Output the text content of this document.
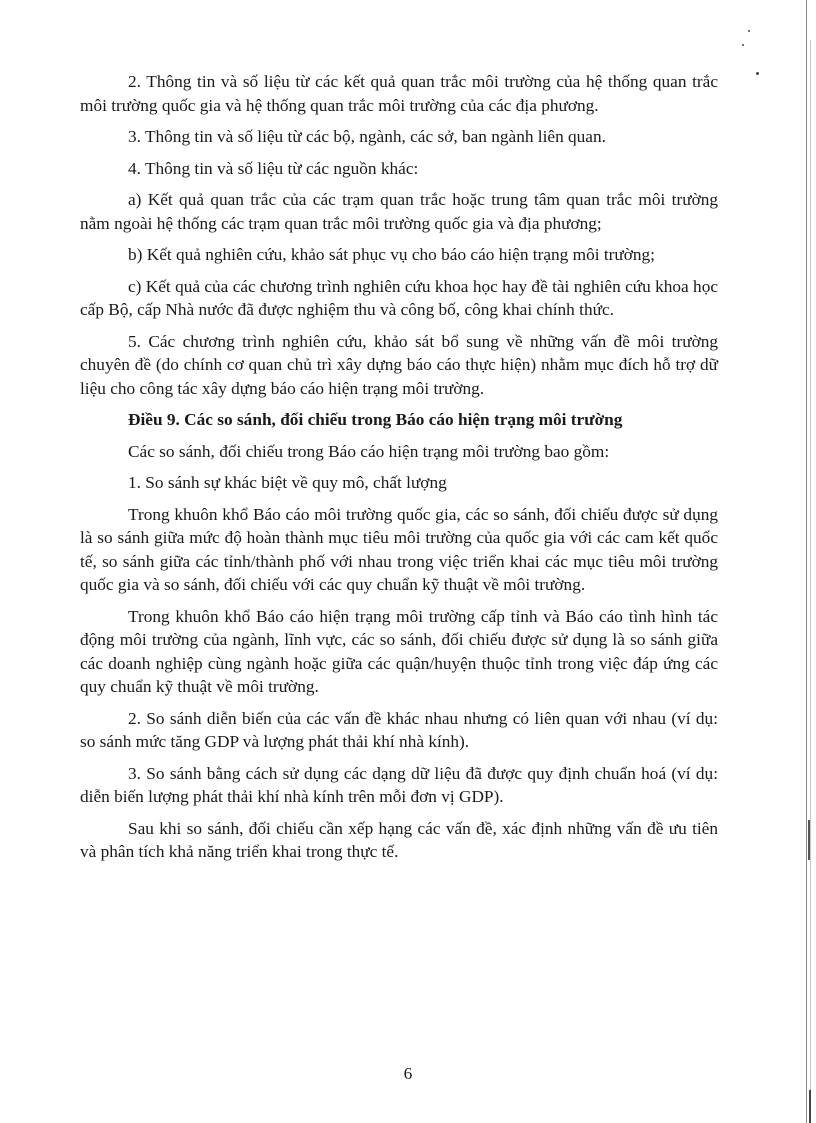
2. Thông tin và số liệu từ các kết quả quan trắc môi trường của hệ thống quan trắc môi trường quốc gia và hệ thống quan trắc môi trường của các địa phương.

3. Thông tin và số liệu từ các bộ, ngành, các sở, ban ngành liên quan.

4. Thông tin và số liệu từ các nguồn khác:

a) Kết quả quan trắc của các trạm quan trắc hoặc trung tâm quan trắc môi trường nằm ngoài hệ thống các trạm quan trắc môi trường quốc gia và địa phương;

b) Kết quả nghiên cứu, khảo sát phục vụ cho báo cáo hiện trạng môi trường;

c) Kết quả của các chương trình nghiên cứu khoa học hay đề tài nghiên cứu khoa học cấp Bộ, cấp Nhà nước đã được nghiệm thu và công bố, công khai chính thức.

5. Các chương trình nghiên cứu, khảo sát bổ sung về những vấn đề môi trường chuyên đề (do chính cơ quan chủ trì xây dựng báo cáo thực hiện) nhằm mục đích hỗ trợ dữ liệu cho công tác xây dựng báo cáo hiện trạng môi trường.

Điều 9. Các so sánh, đối chiếu trong Báo cáo hiện trạng môi trường

Các so sánh, đối chiếu trong Báo cáo hiện trạng môi trường bao gồm:

1. So sánh sự khác biệt về quy mô, chất lượng

Trong khuôn khổ Báo cáo môi trường quốc gia, các so sánh, đối chiếu được sử dụng là so sánh giữa mức độ hoàn thành mục tiêu môi trường của quốc gia với các cam kết quốc tế, so sánh giữa các tỉnh/thành phố với nhau trong việc triển khai các mục tiêu môi trường quốc gia và so sánh, đối chiếu với các quy chuẩn kỹ thuật về môi trường.

Trong khuôn khổ Báo cáo hiện trạng môi trường cấp tỉnh và Báo cáo tình hình tác động môi trường của ngành, lĩnh vực, các so sánh, đối chiếu được sử dụng là so sánh giữa các doanh nghiệp cùng ngành hoặc giữa các quận/huyện thuộc tỉnh trong việc đáp ứng các quy chuẩn kỹ thuật về môi trường.

2. So sánh diễn biến của các vấn đề khác nhau nhưng có liên quan với nhau (ví dụ: so sánh mức tăng GDP và lượng phát thải khí nhà kính).

3. So sánh bằng cách sử dụng các dạng dữ liệu đã được quy định chuẩn hoá (ví dụ: diễn biến lượng phát thải khí nhà kính trên mỗi đơn vị GDP).

Sau khi so sánh, đối chiếu cần xếp hạng các vấn đề, xác định những vấn đề ưu tiên và phân tích khả năng triển khai trong thực tế.

6
